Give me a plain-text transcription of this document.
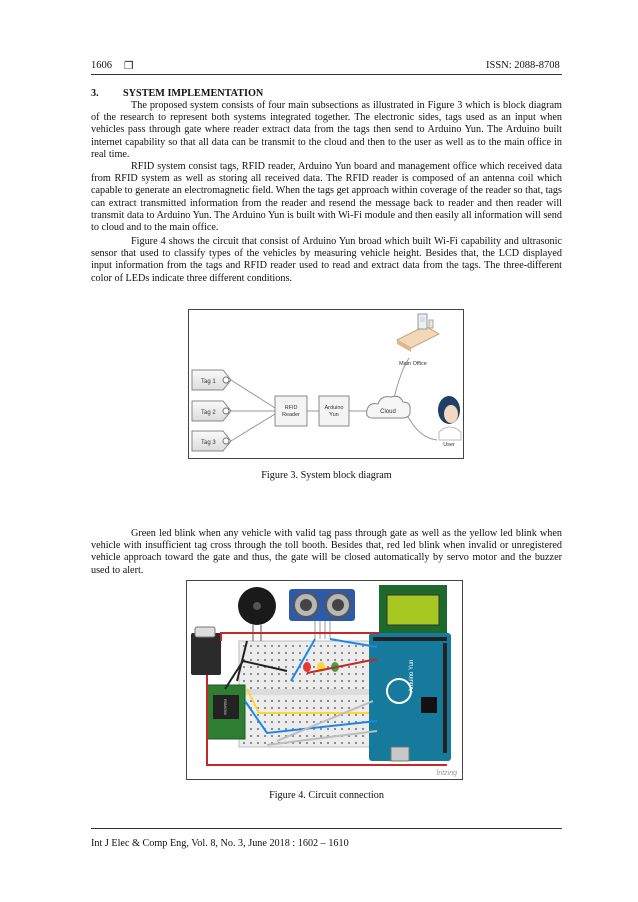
1606 ❒	ISSN: 2088-8708
3. SYSTEM IMPLEMENTATION

The proposed system consists of four main subsections as illustrated in Figure 3 which is block diagram of the research to represent both systems integrated together. The electronic sides, tags used as an input when vehicles pass through gate where reader extract data from the tags then send to Arduino Yun. The Arduino built internet capability so that all data can be transmit to the cloud and then to the user as well as to the main office in real time.

RFID system consist tags, RFID reader, Arduino Yun board and management office which received data from RFID system as well as storing all received data. The RFID reader is composed of an antenna coil which capable to generate an electromagnetic field. When the tags get approach within coverage of the reader so that, tags can extract transmitted information from the reader and resend the message back to reader and then reader will transmit data to Arduino Yun. The Arduino Yun is built with Wi-Fi module and then easily all information will send to cloud and to the main office.

Figure 4 shows the circuit that consist of Arduino Yun broad which built Wi-Fi capability and ultrasonic sensor that used to classify types of the vehicles by measuring vehicle height. Besides that, the LCD displayed input information from the tags and RFID reader used to read and extract data from the tags. The three-different color of LEDs indicate three different conditions.

Tag 1
Tag 2
Tag 3
RFID
Reader
Arduino
Yun	Cloud
Main Office
User
Figure 3. System block diagram

Green led blink when any vehicle with valid tag pass through gate as well as the yellow led blink when vehicle with insufficient tag cross through the toll booth. Besides that, red led blink when invalid or unregistered vehicle approach toward the gate and thus, the gate will be closed automatically by servo motor and the buzzer used to alert.

RDM6300
Arduino Yun
fritzing
Figure 4. Circuit connection
Int J Elec & Comp Eng, Vol. 8, No. 3, June 2018 : 1602 – 1610
